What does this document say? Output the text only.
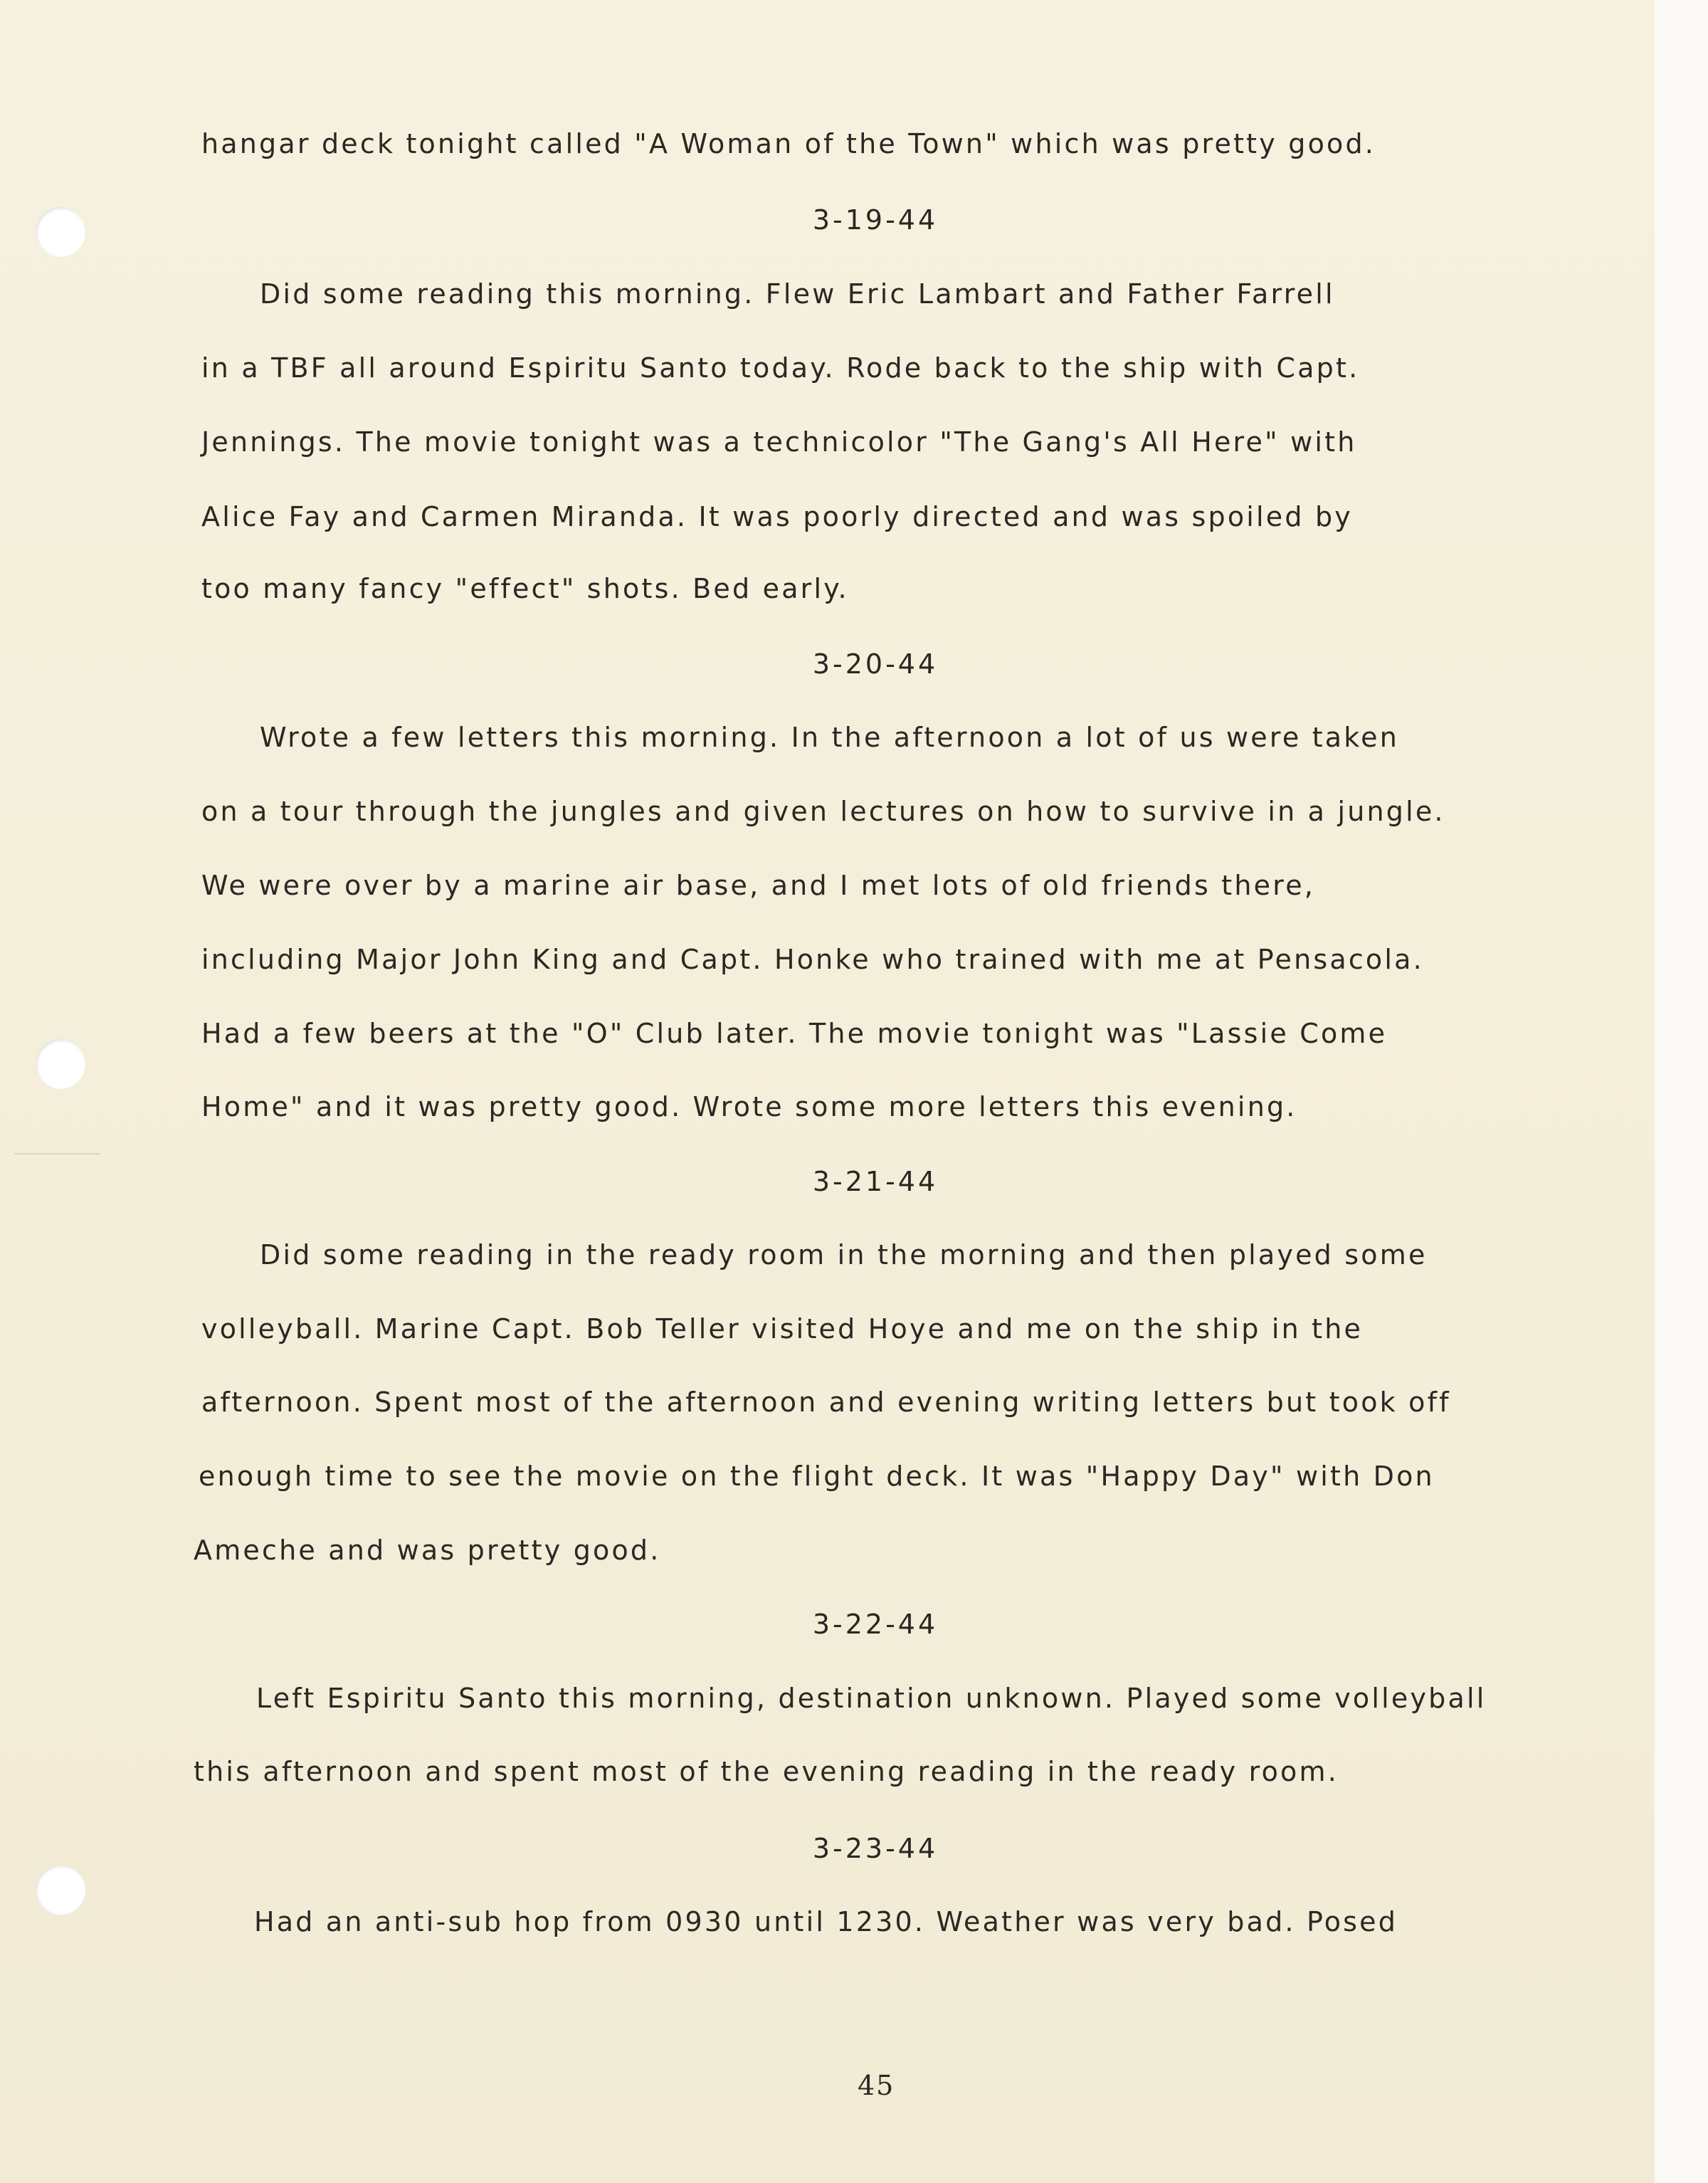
hangar deck tonight called "A Woman of the Town" which was pretty good.
3-19-44
Did some reading this morning. Flew Eric Lambart and Father Farrell
in a TBF all around Espiritu Santo today. Rode back to the ship with Capt.
Jennings. The movie tonight was a technicolor "The Gang's All Here" with
Alice Fay and Carmen Miranda. It was poorly directed and was spoiled by
too many fancy "effect" shots. Bed early.
3-20-44
Wrote a few letters this morning. In the afternoon a lot of us were taken
on a tour through the jungles and given lectures on how to survive in a jungle.
We were over by a marine air base, and I met lots of old friends there,
including Major John King and Capt. Honke who trained with me at Pensacola.
Had a few beers at the "O" Club later. The movie tonight was "Lassie Come
Home" and it was pretty good. Wrote some more letters this evening.
3-21-44
Did some reading in the ready room in the morning and then played some
volleyball. Marine Capt. Bob Teller visited Hoye and me on the ship in the
afternoon. Spent most of the afternoon and evening writing letters but took off
enough time to see the movie on the flight deck. It was "Happy Day" with Don
Ameche and was pretty good.
3-22-44
Left Espiritu Santo this morning, destination unknown. Played some volleyball
this afternoon and spent most of the evening reading in the ready room.
3-23-44
Had an anti-sub hop from 0930 until 1230. Weather was very bad. Posed
45
